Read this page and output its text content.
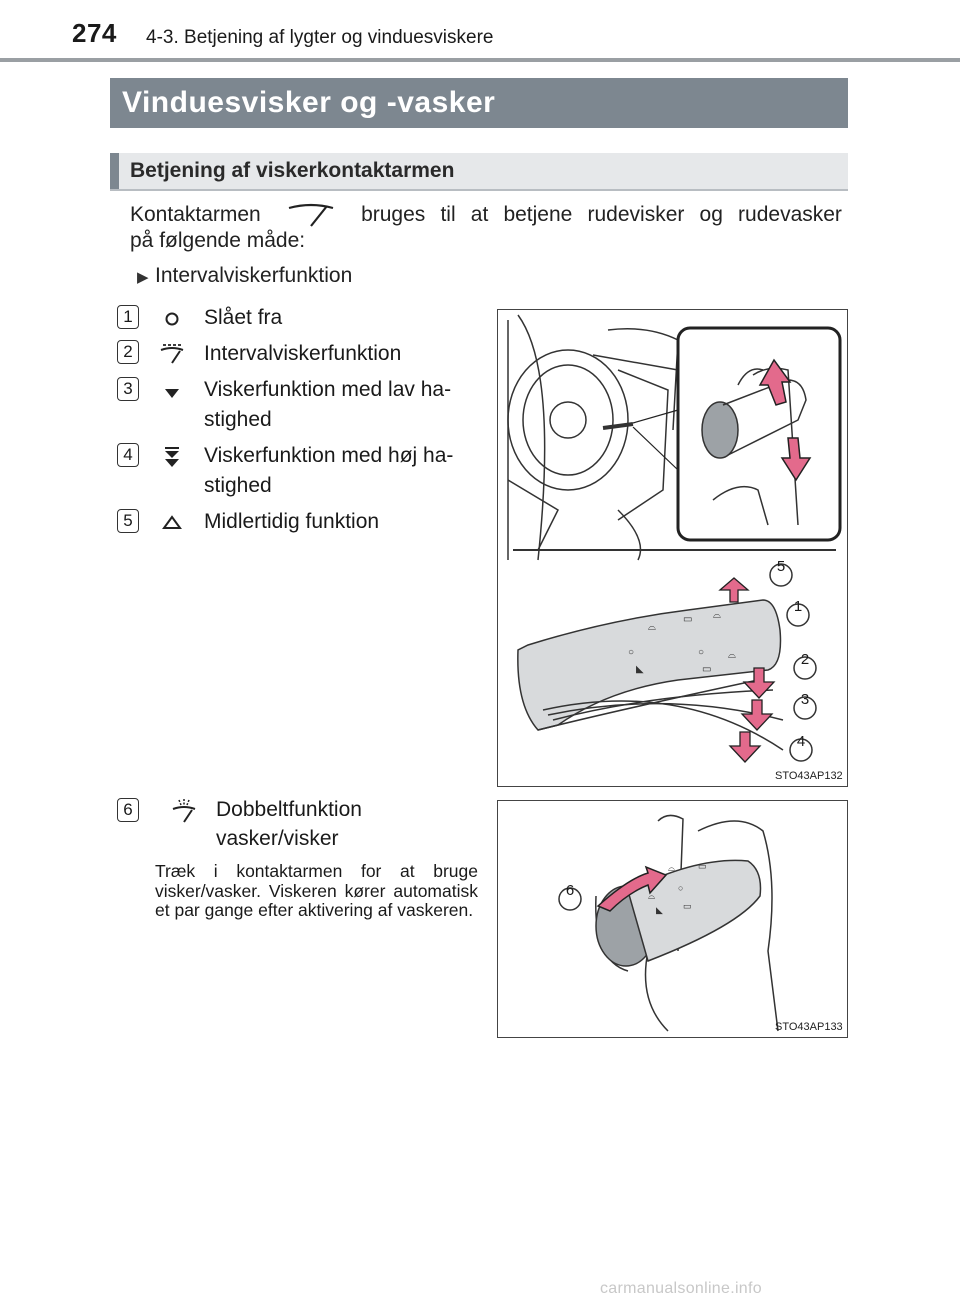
274 4-3. Betjening af lygter og vinduesviskere
Vinduesvisker og -vasker
Betjening af viskerkontaktarmen
Kontaktarmen	bruges til at betjene rudevisker og rudevasker
på følgende måde:
▶ Intervalviskerfunktion
1	Slået fra
2	Intervalviskerfunktion
3	Viskerfunktion med lav ha-
stighed
4	Viskerfunktion med høj ha-
stighed
5	Midlertidig funktion
○
◣
⌓
▭ ⌓
○
▭
⌓
5
1
2
3
4
STO43AP132
6	Dobbeltfunktion
vasker/visker
Træk i kontaktarmen for at bruge visker/vasker. Viskeren kører automatisk et par gange efter aktivering af vaskeren.
⌓	▭
○
▭
⌓
◣
6
STO43AP133
carmanualsonline.info
